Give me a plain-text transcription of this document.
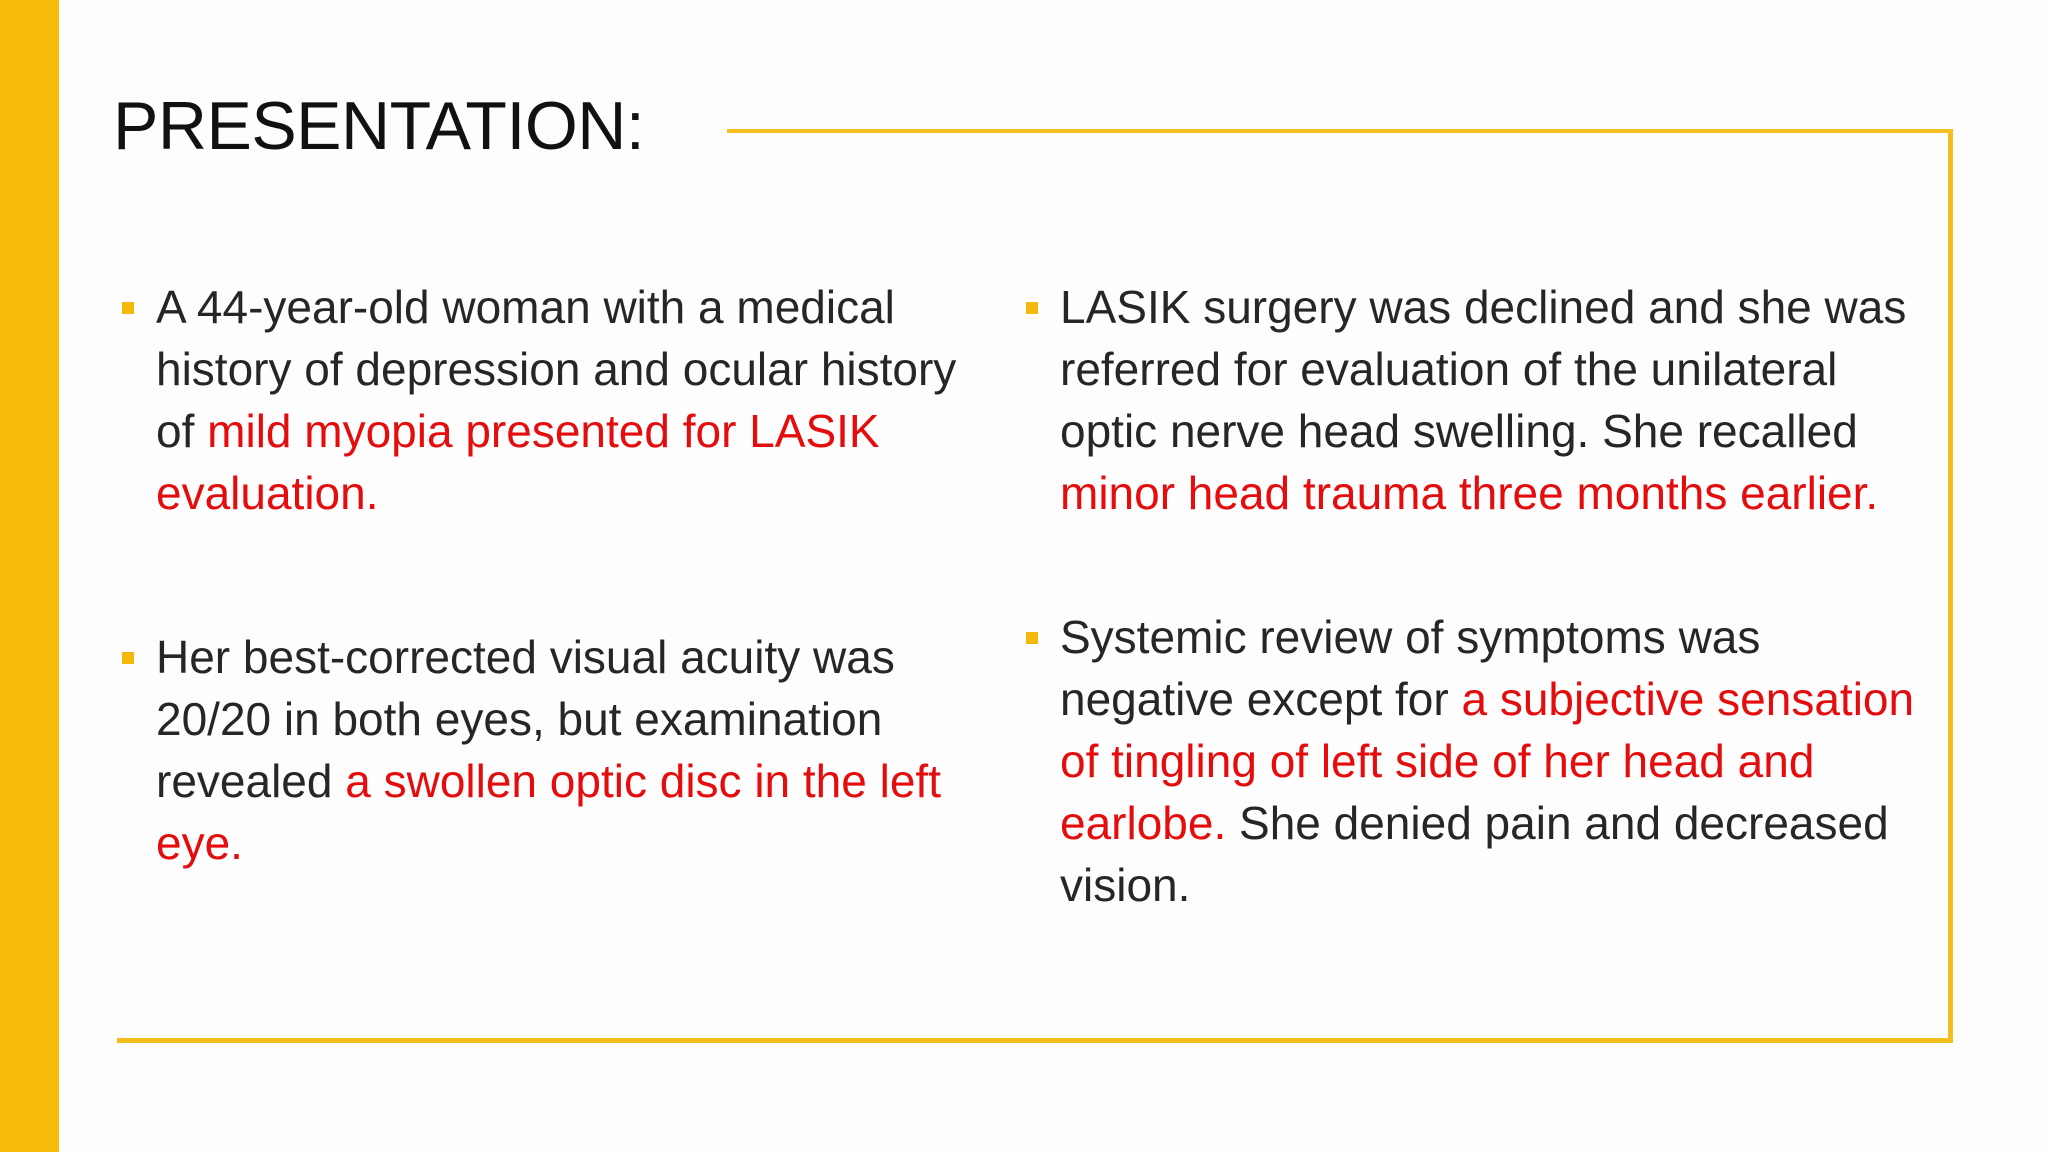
PRESENTATION:
A 44-year-old woman with a medical history of depression and ocular history of mild myopia presented for LASIK evaluation.
Her best-corrected visual acuity was 20/20 in both eyes, but examination revealed a swollen optic disc in the left eye.
LASIK surgery was declined and she was referred for evaluation of the unilateral optic nerve head swelling. She recalled minor head trauma three months earlier.
Systemic review of symptoms was negative except for a subjective sensation of tingling of left side of her head and earlobe. She denied pain and decreased vision.
